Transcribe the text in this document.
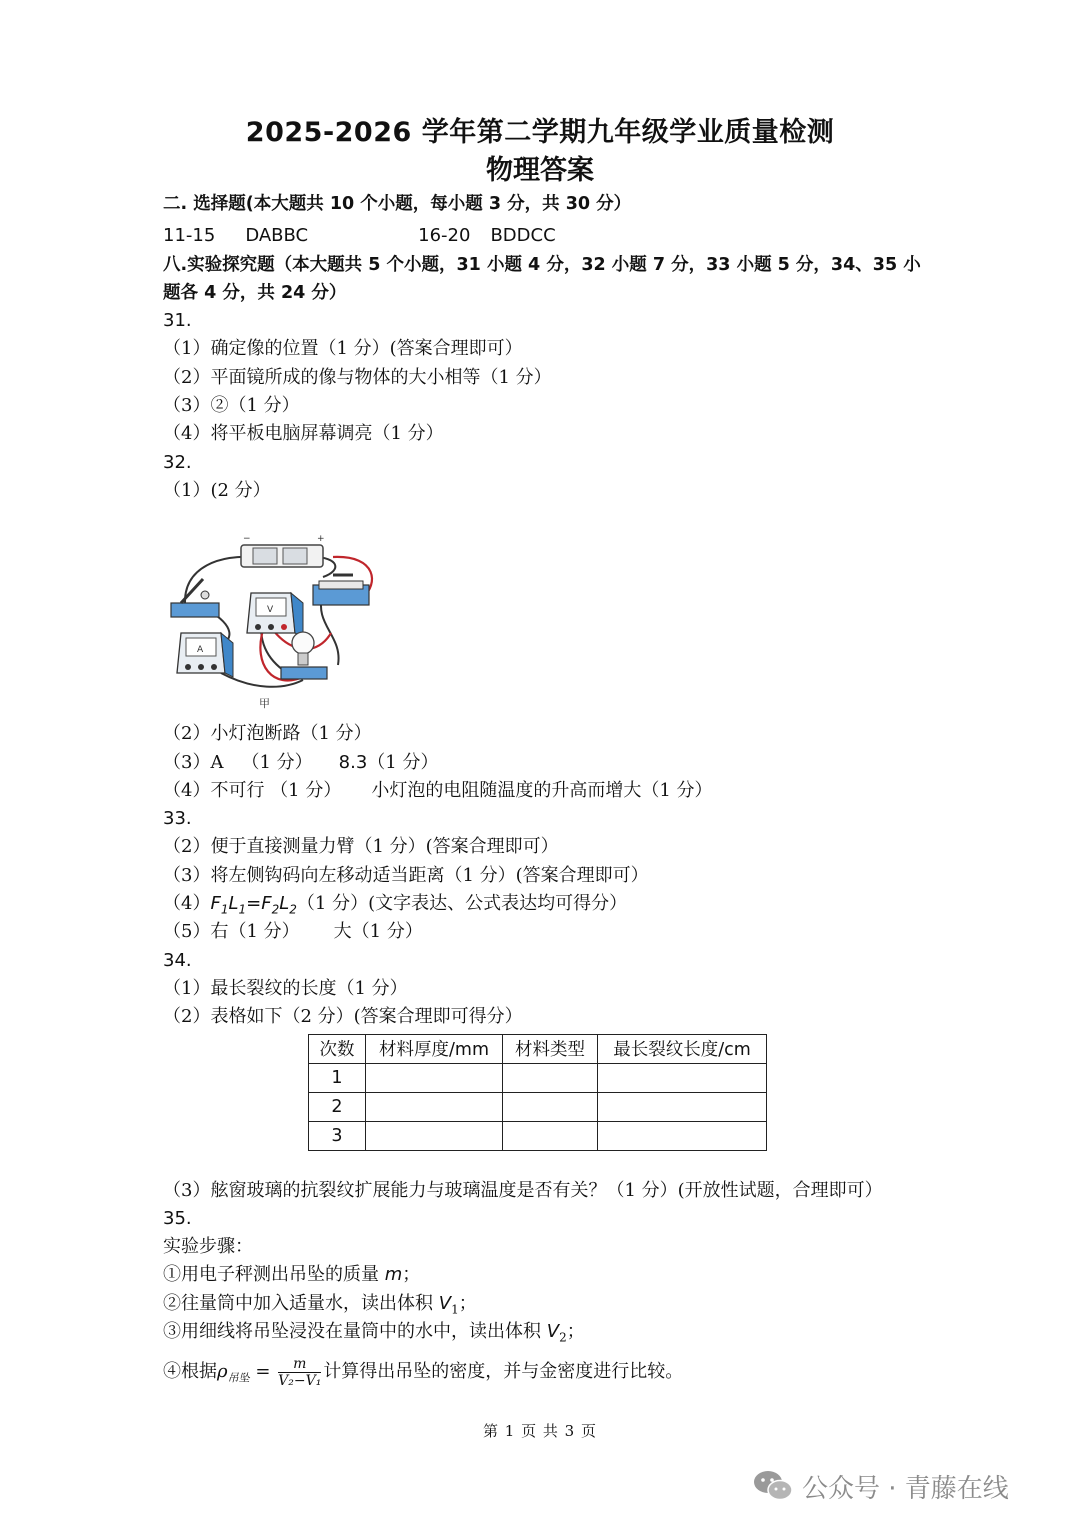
2025-2026 学年第二学期九年级学业质量检测
物理答案
二. 选择题(本大题共 10 个小题，每小题 3 分，共 30 分）
11-15 DABBC	16-20 BDDCC
八.实验探究题（本大题共 5 个小题，31 小题 4 分，32 小题 7 分，33 小题 5 分，34、35 小
题各 4 分，共 24 分）
31.
（1）确定像的位置（1 分）(答案合理即可）
（2）平面镜所成的像与物体的大小相等（1 分）
（3）②（1 分）
（4）将平板电脑屏幕调亮（1 分）
32.
（1）(2 分）
−	+
V
A
甲
（2）小灯泡断路（1 分）
（3）A （1 分） 8.3（1 分）
（4）不可行 （1 分） 小灯泡的电阻随温度的升高而增大（1 分）
33.
（2）便于直接测量力臂（1 分）(答案合理即可）
（3）将左侧钩码向左移动适当距离（1 分）(答案合理即可）
$(4)F_1L_1=F_2L_2(1$ 分）(文字表达、公式表达均可得分）
（5）右（1 分） 大（1 分）
34.
（1）最长裂纹的长度（1 分）
（2）表格如下（2 分）(答案合理即可得分）
次数	材料厚度/mm	材料类型	最长裂纹长度/cm
1			
2			
3			
（3）舷窗玻璃的抗裂纹扩展能力与玻璃温度是否有关？（1 分）(开放性试题，合理即可）
35.
实验步骤：
①用电子秤测出吊坠的质量 m；
②往量筒中加入适量水，读出体积 $V_1$；
③用细线将吊坠浸没在量筒中的水中，读出体积 $V_2$；
④根据$\rho_{吊坠} = \frac{m}{\text{V₂−V₁}}$ 计算得出吊坠的密度，并与金密度进行比较。
第 1 页 共 3 页
公众号 · 青藤在线
